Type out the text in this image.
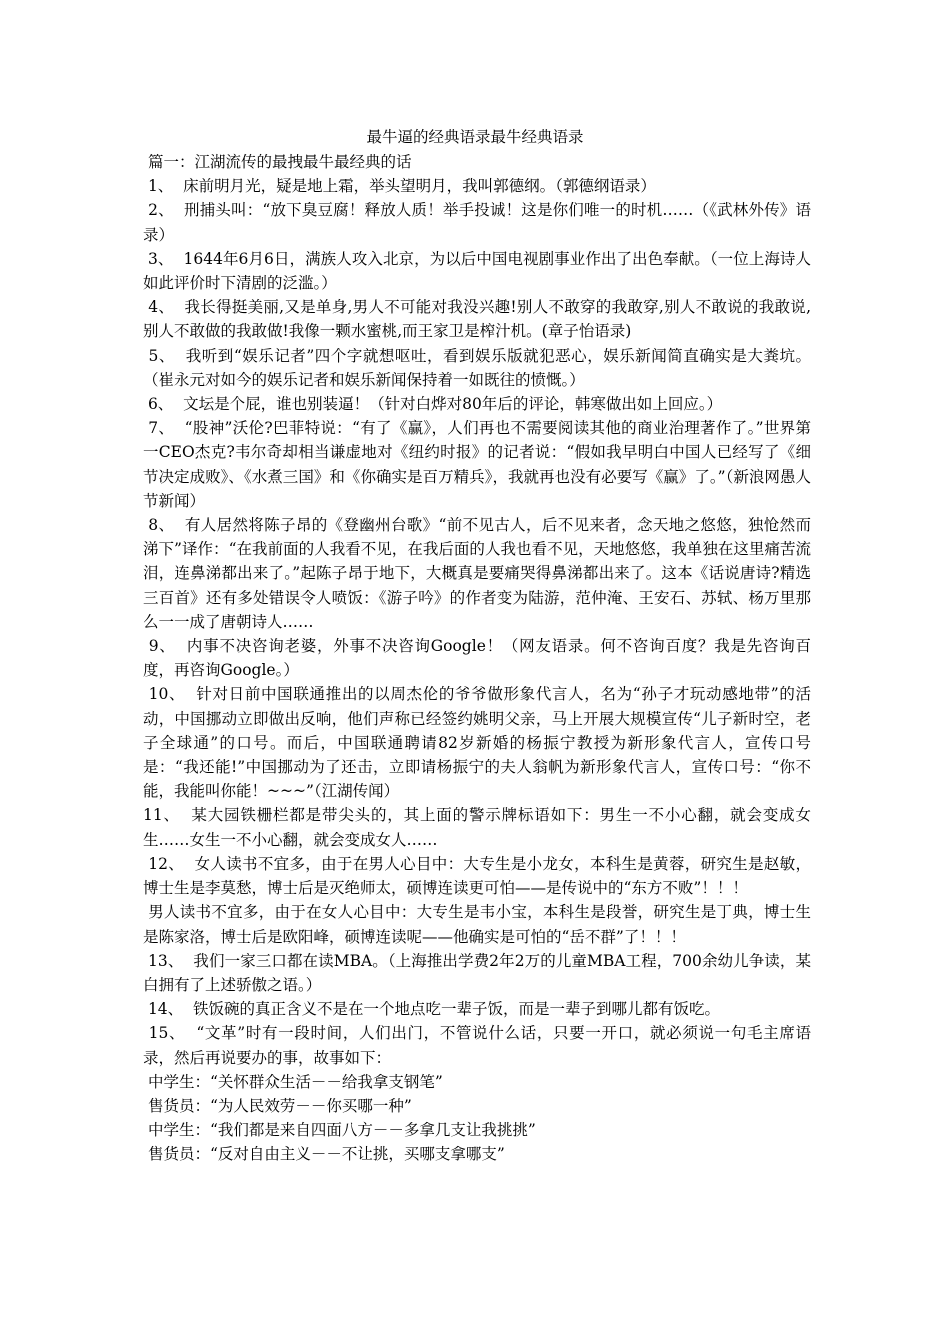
最牛逼的经典语录最牛经典语录

篇一：江湖流传的最拽最牛最经典的话

1、  床前明月光，疑是地上霜，举头望明月，我叫郭德纲。（郭德纲语录）

2、  刑捕头叫：“放下臭豆腐！释放人质！举手投诚！这是你们唯一的时机……（《武林外传》语录）

3、  1644年6月6日，满族人攻入北京，为以后中国电视剧事业作出了出色奉献。（一位上海诗人如此评价时下清剧的泛滥。）

4、  我长得挺美丽,又是单身,男人不可能对我没兴趣!别人不敢穿的我敢穿,别人不敢说的我敢说,别人不敢做的我敢做!我像一颗水蜜桃,而王家卫是榨汁机。(章子怡语录)

5、  我听到“娱乐记者”四个字就想呕吐，看到娱乐版就犯恶心，娱乐新闻简直确实是大粪坑。（崔永元对如今的娱乐记者和娱乐新闻保持着一如既往的愤慨。）

6、  文坛是个屁，谁也别装逼！（针对白烨对80年后的评论，韩寒做出如上回应。）

7、  “股神”沃伦?巴菲特说：“有了《赢》，人们再也不需要阅读其他的商业治理著作了。”世界第一CEO杰克?韦尔奇却相当谦虚地对《纽约时报》的记者说：“假如我早明白中国人已经写了《细节决定成败》、《水煮三国》和《你确实是百万精兵》，我就再也没有必要写《赢》了。”（新浪网愚人节新闻）

8、  有人居然将陈子昂的《登幽州台歌》“前不见古人，后不见来者，念天地之悠悠，独怆然而涕下”译作：“在我前面的人我看不见，在我后面的人我也看不见，天地悠悠，我单独在这里痛苦流泪，连鼻涕都出来了。”起陈子昂于地下，大概真是要痛哭得鼻涕都出来了。这本《话说唐诗?精选三百首》还有多处错误令人喷饭：《游子吟》的作者变为陆游，范仲淹、王安石、苏轼、杨万里那么一一成了唐朝诗人……

9、  内事不决咨询老婆，外事不决咨询Google！（网友语录。何不咨询百度？我是先咨询百度，再咨询Google。）

10、  针对日前中国联通推出的以周杰伦的爷爷做形象代言人，名为“孙子才玩动感地带”的活动，中国挪动立即做出反响，他们声称已经签约姚明父亲，马上开展大规模宣传“儿子新时空，老子全球通”的口号。而后，中国联通聘请82岁新婚的杨振宁教授为新形象代言人，宣传口号是：“我还能!”中国挪动为了还击，立即请杨振宁的夫人翁帆为新形象代言人，宣传口号：“你不能，我能叫你能！~~~”（江湖传闻）

11、  某大园铁栅栏都是带尖头的，其上面的警示牌标语如下：男生一不小心翻，就会变成女生……女生一不小心翻，就会变成女人……

12、  女人读书不宜多，由于在男人心目中：大专生是小龙女，本科生是黄蓉，研究生是赵敏，博士生是李莫愁，博士后是灭绝师太，硕博连读更可怕——是传说中的“东方不败”！！！

男人读书不宜多，由于在女人心目中：大专生是韦小宝，本科生是段誉，研究生是丁典，博士生是陈家洛，博士后是欧阳峰，硕博连读呢——他确实是可怕的“岳不群”了！！！

13、  我们一家三口都在读MBA。（上海推出学费2年2万的儿童MBA工程，700余幼儿争读，某白拥有了上述骄傲之语。）

14、  铁饭碗的真正含义不是在一个地点吃一辈子饭，而是一辈子到哪儿都有饭吃。

15、  “文革”时有一段时间，人们出门，不管说什么话，只要一开口，就必须说一句毛主席语录，然后再说要办的事，故事如下：

中学生：“关怀群众生活－－给我拿支钢笔”

售货员：“为人民效劳－－你买哪一种”

中学生：“我们都是来自四面八方－－多拿几支让我挑挑”

售货员：“反对自由主义－－不让挑，买哪支拿哪支”
